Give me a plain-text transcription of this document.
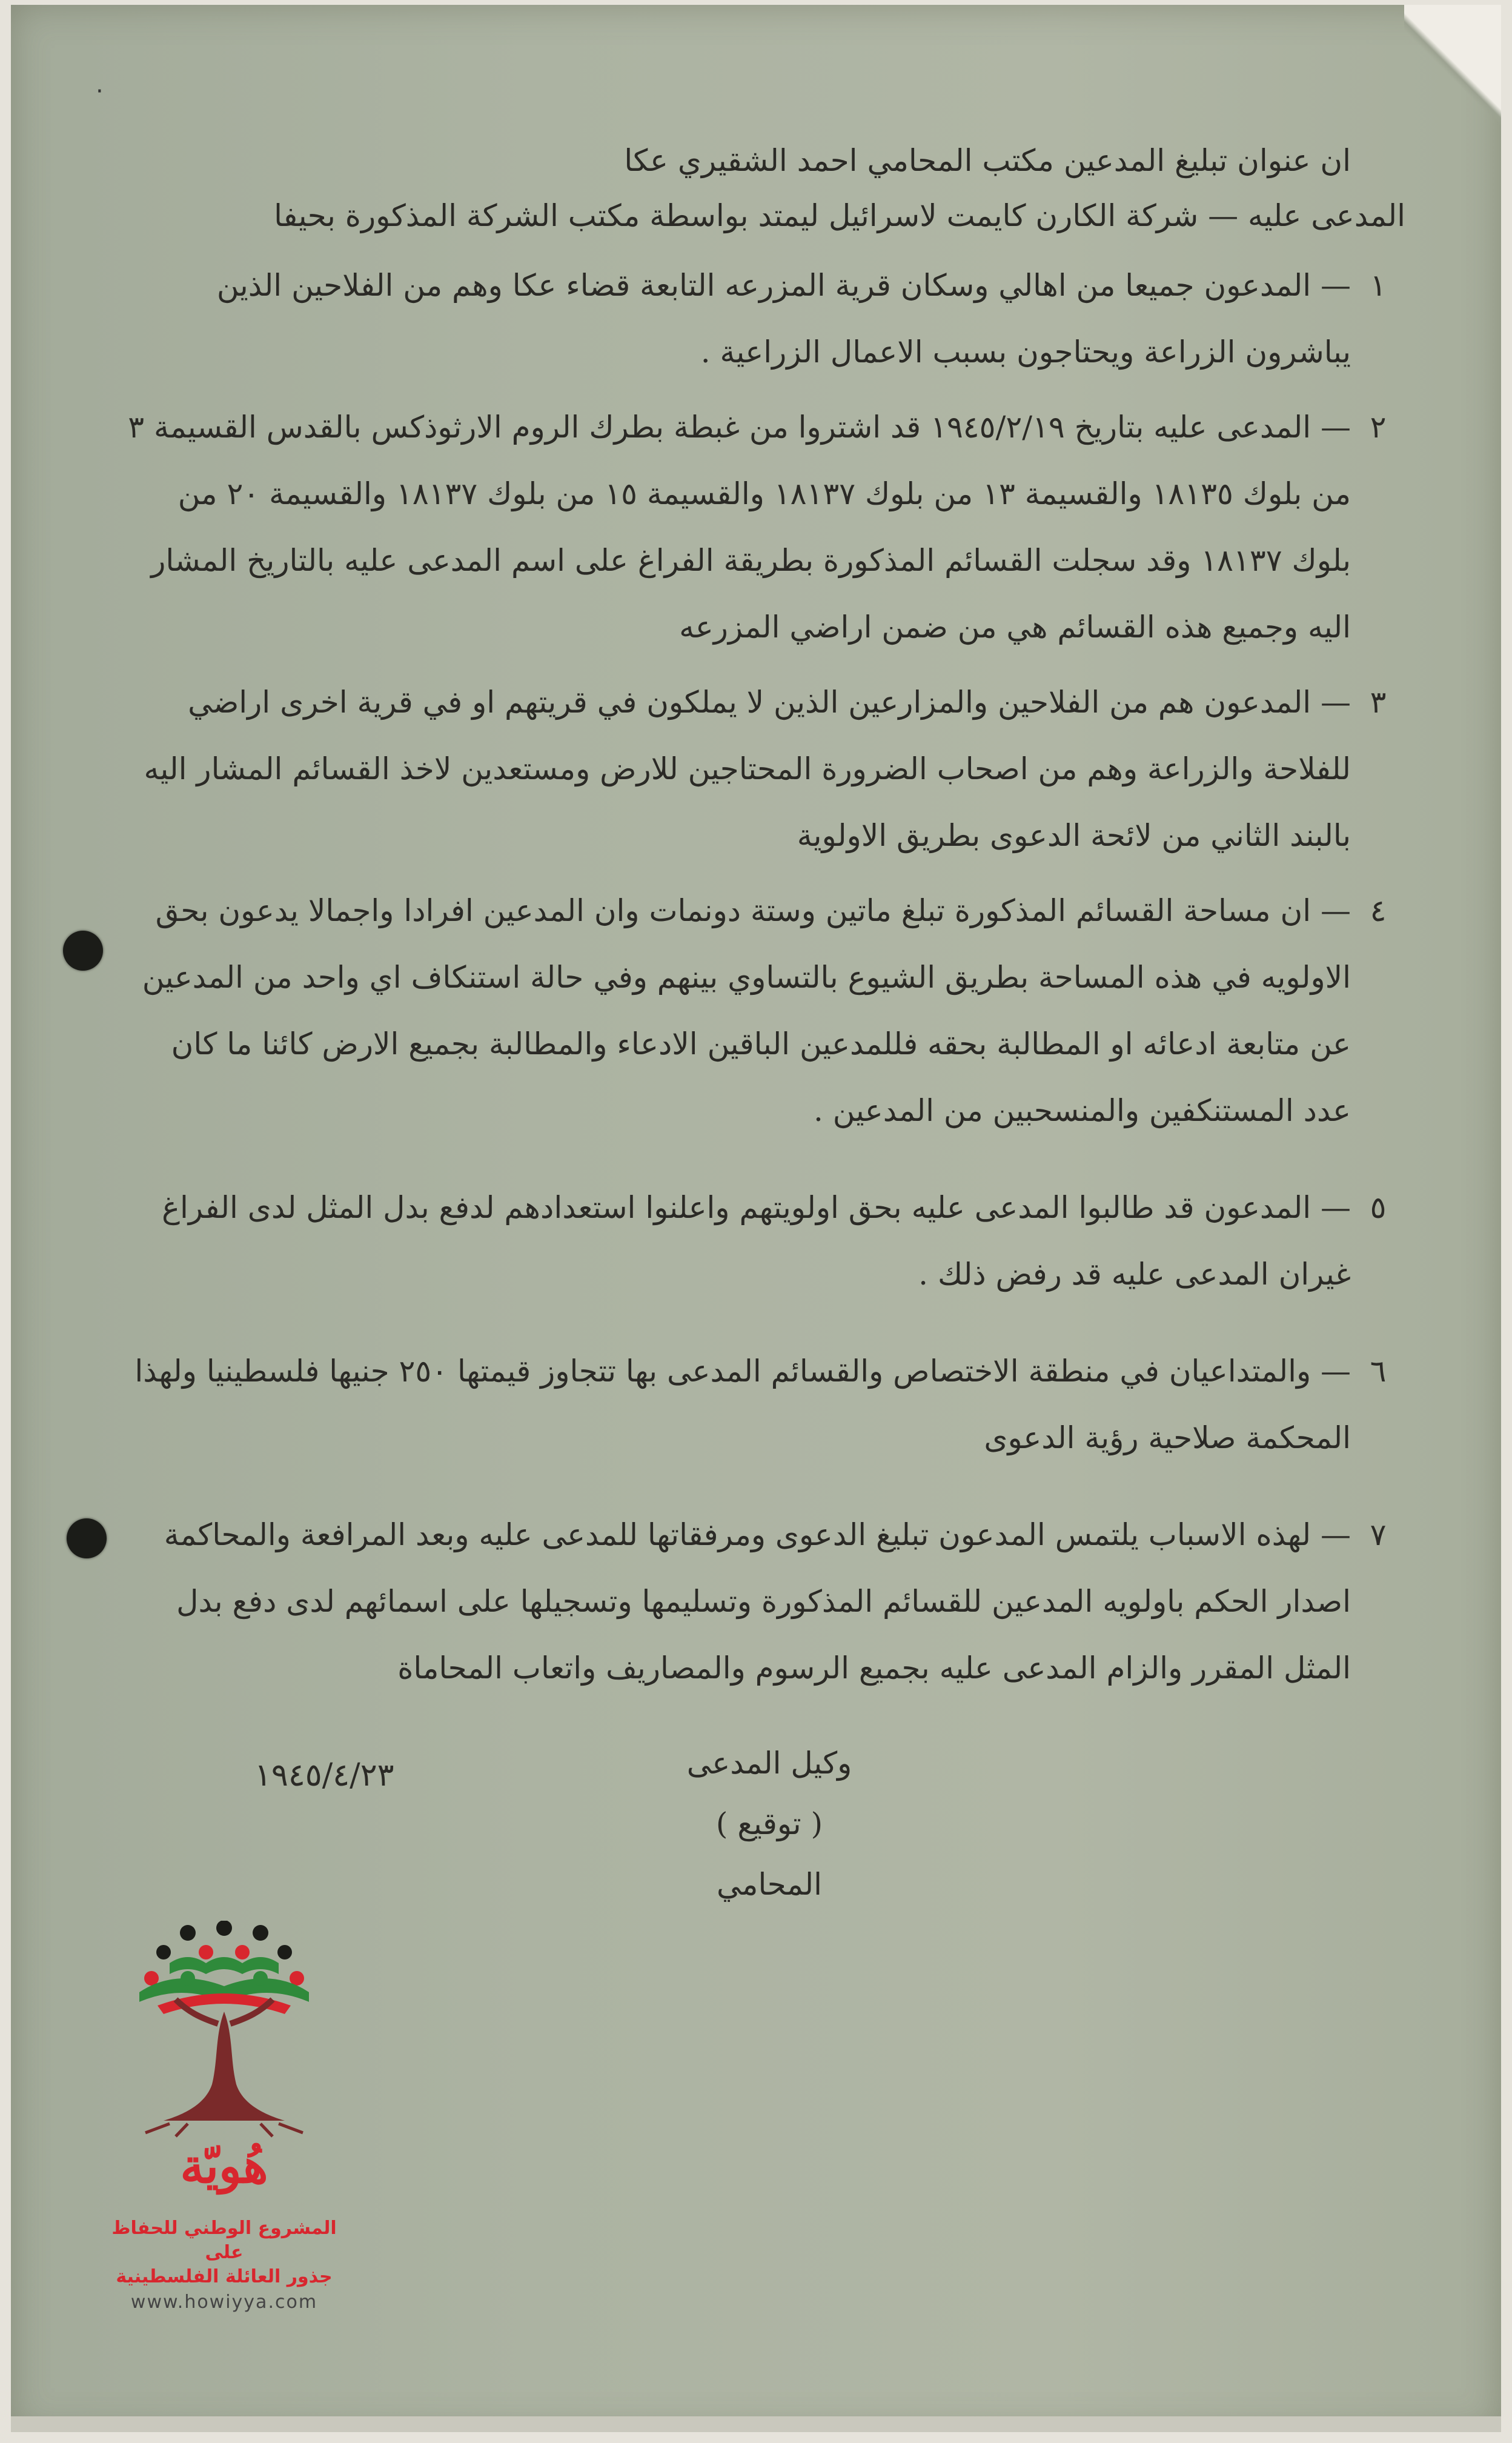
·

ان عنوان تبليغ المدعين مكتب المحامي احمد الشقيري عكا

المدعى عليه — شركة الكارن كايمت لاسرائيل ليمتد بواسطة مكتب الشركة المذكورة بحيفا

١
— المدعون جميعا من اهالي وسكان قرية المزرعه التابعة قضاء عكا وهم من الفلاحين الذين يباشرون الزراعة ويحتاجون بسبب الاعمال الزراعية .
٢
— المدعى عليه بتاريخ ١٩٤٥/٢/١٩ قد اشتروا من غبطة بطرك الروم الارثوذكس بالقدس القسيمة ٣ من بلوك ١٨١٣٥ والقسيمة ١٣ من بلوك ١٨١٣٧ والقسيمة ١٥ من بلوك ١٨١٣٧ والقسيمة ٢٠ من بلوك ١٨١٣٧ وقد سجلت القسائم المذكورة بطريقة الفراغ على اسم المدعى عليه بالتاريخ المشار اليه وجميع هذه القسائم هي من ضمن اراضي المزرعه
٣
— المدعون هم من الفلاحين والمزارعين الذين لا يملكون في قريتهم او في قرية اخرى اراضي للفلاحة والزراعة وهم من اصحاب الضرورة المحتاجين للارض ومستعدين لاخذ القسائم المشار اليه بالبند الثاني من لائحة الدعوى بطريق الاولوية
٤
— ان مساحة القسائم المذكورة تبلغ ماتين وستة دونمات وان المدعين افرادا واجمالا يدعون بحق الاولويه في هذه المساحة بطريق الشيوع بالتساوي بينهم وفي حالة استنكاف اي واحد من المدعين عن متابعة ادعائه او المطالبة بحقه فللمدعين الباقين الادعاء والمطالبة بجميع الارض كائنا ما كان عدد المستنكفين والمنسحبين من المدعين .
٥
— المدعون قد طالبوا المدعى عليه بحق اولويتهم واعلنوا استعدادهم لدفع بدل المثل لدى الفراغ غيران المدعى عليه قد رفض ذلك .
٦
— والمتداعيان في منطقة الاختصاص والقسائم المدعى بها تتجاوز قيمتها ٢٥٠ جنيها فلسطينيا ولهذا المحكمة صلاحية رؤية الدعوى
٧
— لهذه الاسباب يلتمس المدعون تبليغ الدعوى ومرفقاتها للمدعى عليه وبعد المرافعة والمحاكمة اصدار الحكم باولويه المدعين للقسائم المذكورة وتسليمها وتسجيلها على اسمائهم لدى دفع بدل المثل المقرر والزام المدعى عليه بجميع الرسوم والمصاريف واتعاب المحاماة
وكيل المدعى
( توقيع )
المحامي
١٩٤٥/٤/٢٣
هُويّة
المشروع الوطني للحفاظ على
جذور العائلة الفلسطينية
www.howiyya.com
